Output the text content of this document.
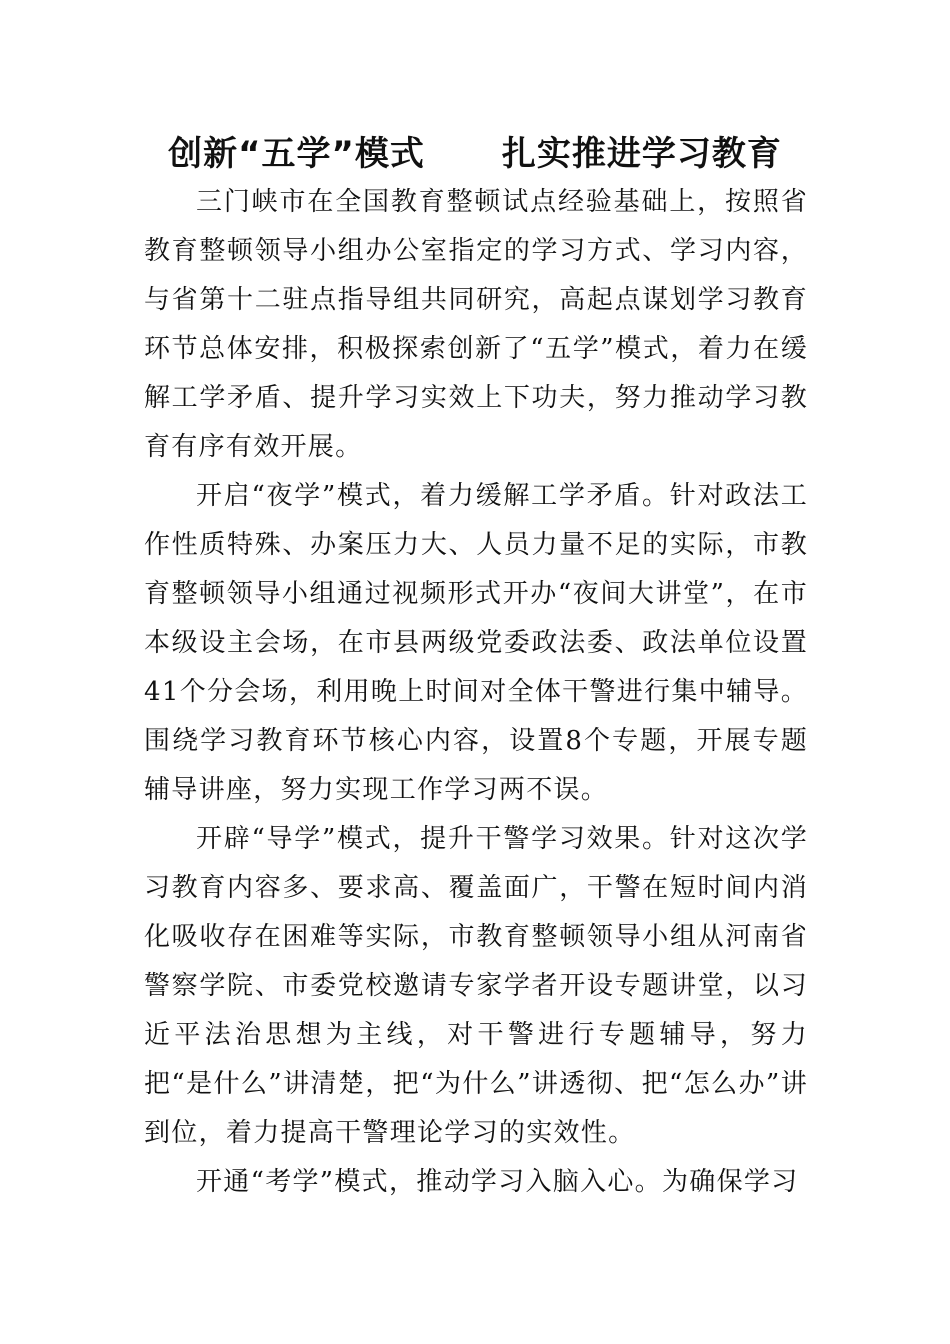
创新“五学”模式      扎实推进学习教育

三门峡市在全国教育整顿试点经验基础上，按照省教育整顿领导小组办公室指定的学习方式、学习内容，与省第十二驻点指导组共同研究，高起点谋划学习教育环节总体安排，积极探索创新了“五学”模式，着力在缓解工学矛盾、提升学习实效上下功夫，努力推动学习教育有序有效开展。

开启“夜学”模式，着力缓解工学矛盾。针对政法工作性质特殊、办案压力大、人员力量不足的实际，市教育整顿领导小组通过视频形式开办“夜间大讲堂”，在市本级设主会场，在市县两级党委政法委、政法单位设置41个分会场，利用晚上时间对全体干警进行集中辅导。围绕学习教育环节核心内容，设置8个专题，开展专题辅导讲座，努力实现工作学习两不误。

开辟“导学”模式，提升干警学习效果。针对这次学习教育内容多、要求高、覆盖面广，干警在短时间内消化吸收存在困难等实际，市教育整顿领导小组从河南省警察学院、市委党校邀请专家学者开设专题讲堂，以习近平法治思想为主线，对干警进行专题辅导，努力把“是什么”讲清楚，把“为什么”讲透彻、把“怎么办”讲到位，着力提高干警理论学习的实效性。

开通“考学”模式，推动学习入脑入心。为确保学习
